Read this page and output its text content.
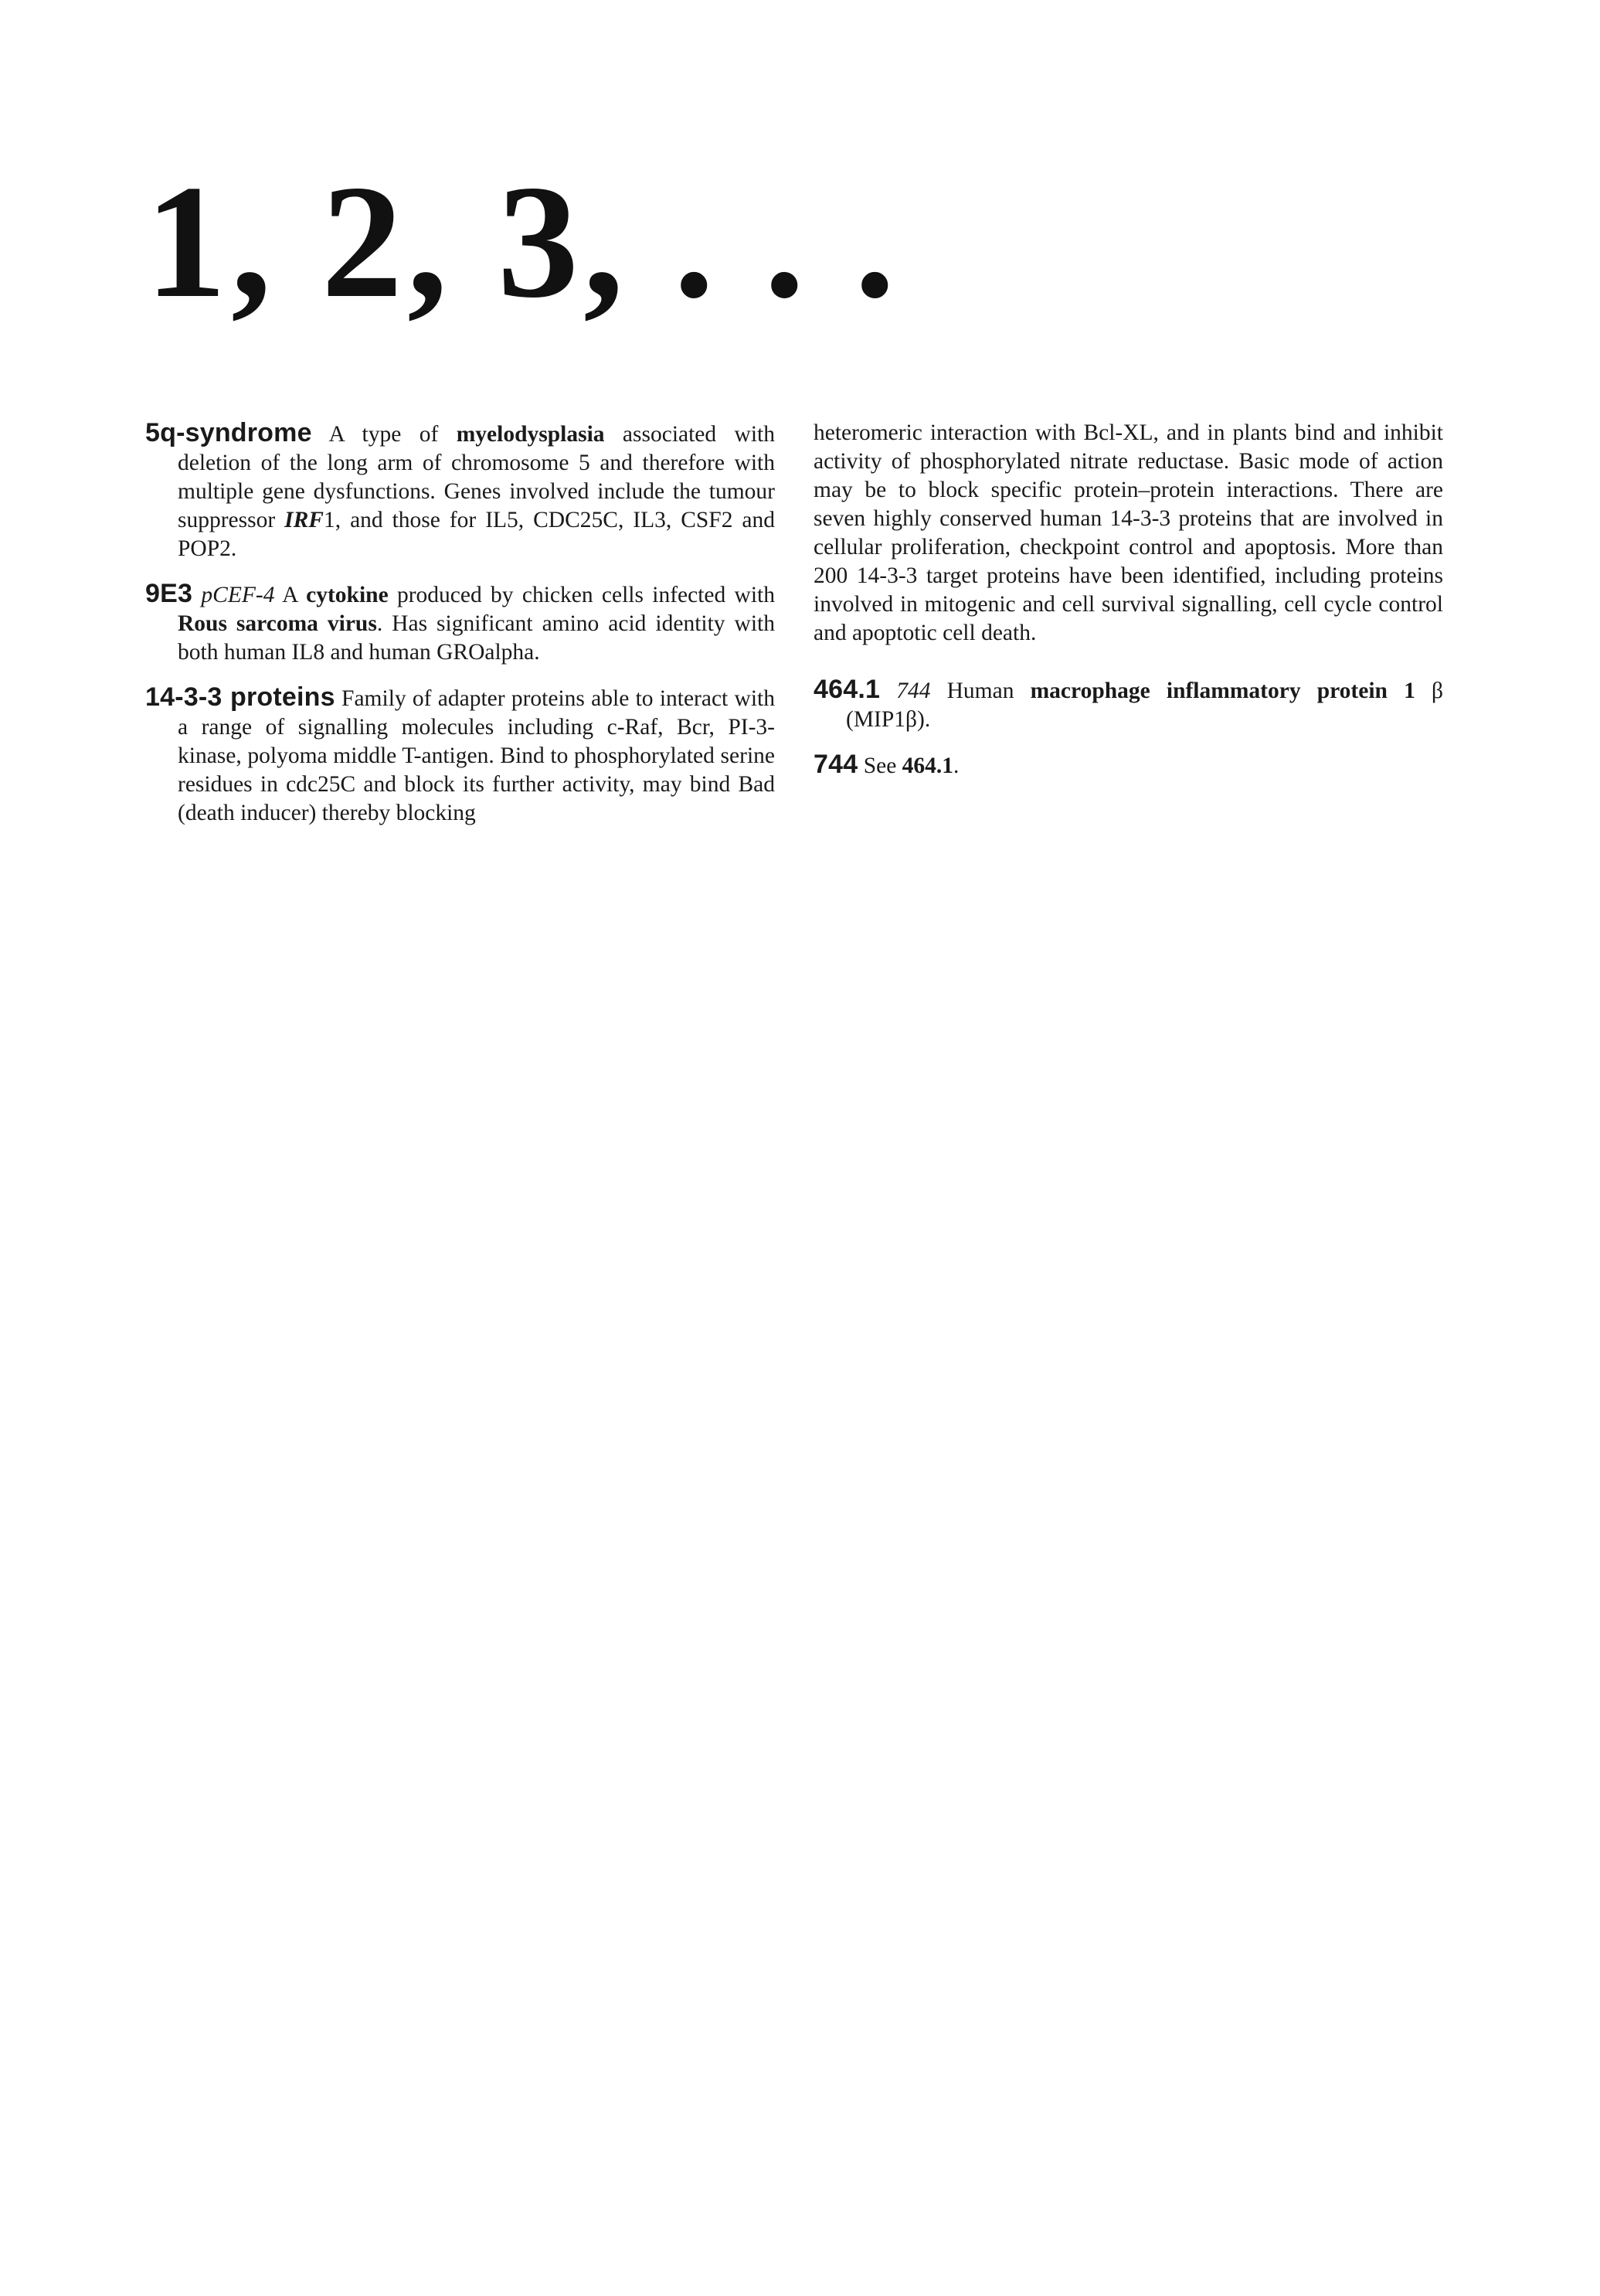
1, 2, 3, . . .

5q-syndrome A type of myelodysplasia associated with deletion of the long arm of chromosome 5 and therefore with multiple gene dysfunctions. Genes involved include the tumour suppressor IRF1, and those for IL5, CDC25C, IL3, CSF2 and POP2.

9E3 pCEF-4 A cytokine produced by chicken cells infected with Rous sarcoma virus. Has significant amino acid identity with both human IL8 and human GROalpha.

14-3-3 proteins Family of adapter proteins able to interact with a range of signalling molecules including c-Raf, Bcr, PI-3-kinase, polyoma middle T-antigen. Bind to phosphorylated serine residues in cdc25C and block its further activity, may bind Bad (death inducer) thereby blocking

heteromeric interaction with Bcl-XL, and in plants bind and inhibit activity of phosphorylated nitrate reductase. Basic mode of action may be to block specific protein–protein interactions. There are seven highly conserved human 14-3-3 proteins that are involved in cellular proliferation, checkpoint control and apoptosis. More than 200 14-3-3 target proteins have been identified, including proteins involved in mitogenic and cell survival signalling, cell cycle control and apoptotic cell death.

464.1 744 Human macrophage inflammatory protein 1 β (MIP1β).

744 See 464.1.
